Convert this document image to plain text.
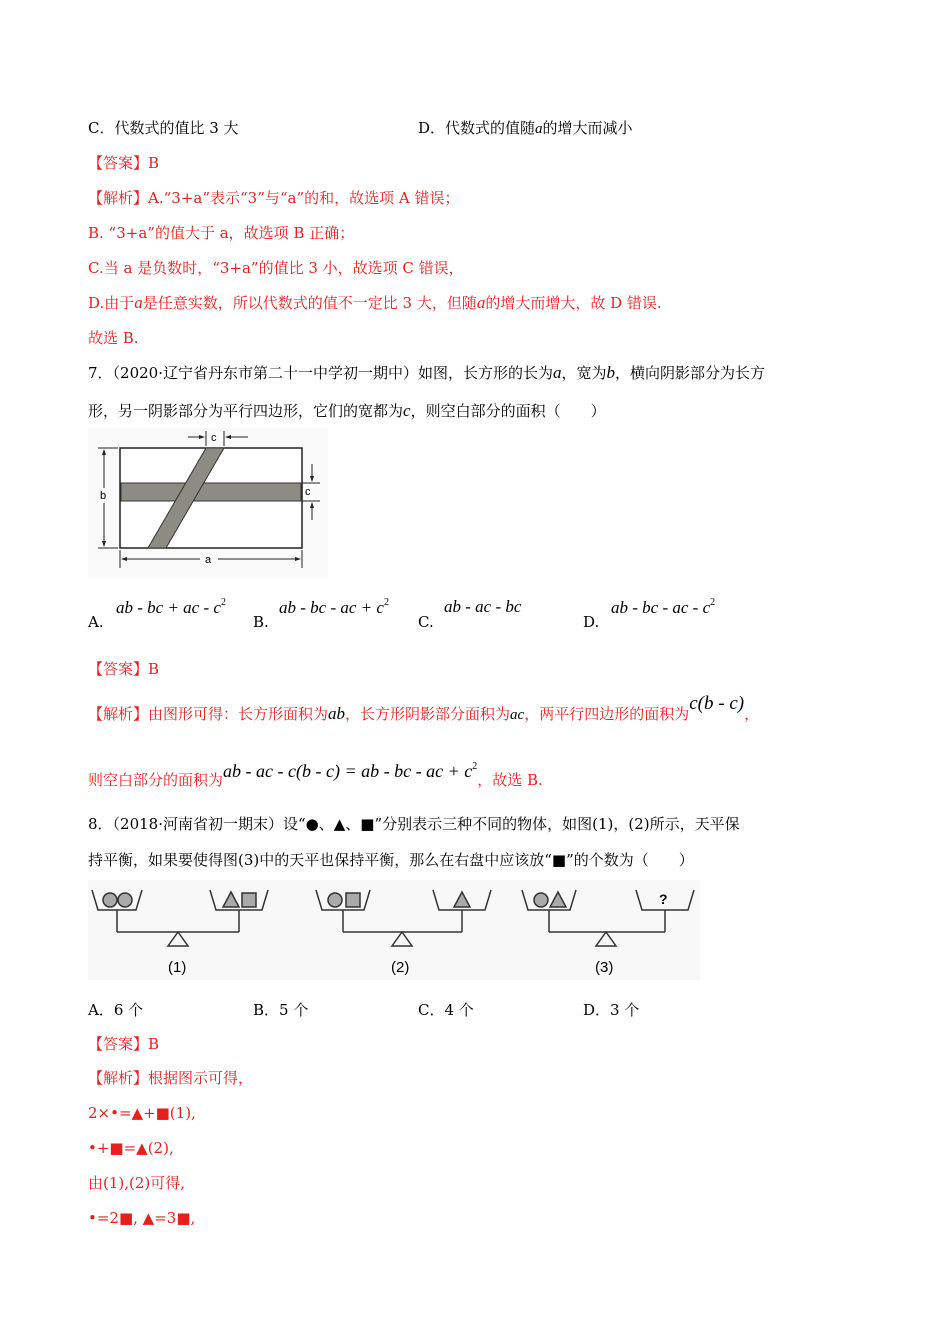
C．代数式的值比 3 大	D．代数式的值随a的增大而减小
【答案】B
【解析】A.“3+a”表示“3”与“a”的和，故选项 A 错误；
B. “3+a”的值大于 a，故选项 B 正确；
C.当 a 是负数时，“3+a”的值比 3 小，故选项 C 错误，
D.由于a是任意实数，所以代数式的值不一定比 3 大，但随a的增大而增大，故 D 错误.
故选 B.
7．（2020·辽宁省丹东市第二十一中学初一期中）如图，长方形的长为a，宽为b，横向阴影部分为长方
形，另一阴影部分为平行四边形，它们的宽都为c，则空白部分的面积（　　）
c
b	c
a
A.
ab - bc + ac - $c^2$
B.
ab - bc - ac + $c^2$
C.
ab - ac - bc
D.
ab - bc - ac - $c^2$
【答案】B
【解析】由图形可得：长方形面积为ab，长方形阴影部分面积为ac，两平行四边形的面积为c(b - c)，
则空白部分的面积为ab - ac - c(b - c) = ab - bc - ac + $c^2$，故选 B.
8．（2018·河南省初一期末）设“●、▲、■”分别表示三种不同的物体，如图(1)，(2)所示，天平保
持平衡，如果要使得图(3)中的天平也保持平衡，那么在右盘中应该放“■”的个数为（　　）
?
(1)	(2)	(3)
A．6 个	B．5 个	C．4 个	D．3 个
【答案】B
【解析】根据图示可得，
2×•=▲+■(1),
•+■=▲(2),
由(1),(2)可得,
•=2■, ▲=3■,
